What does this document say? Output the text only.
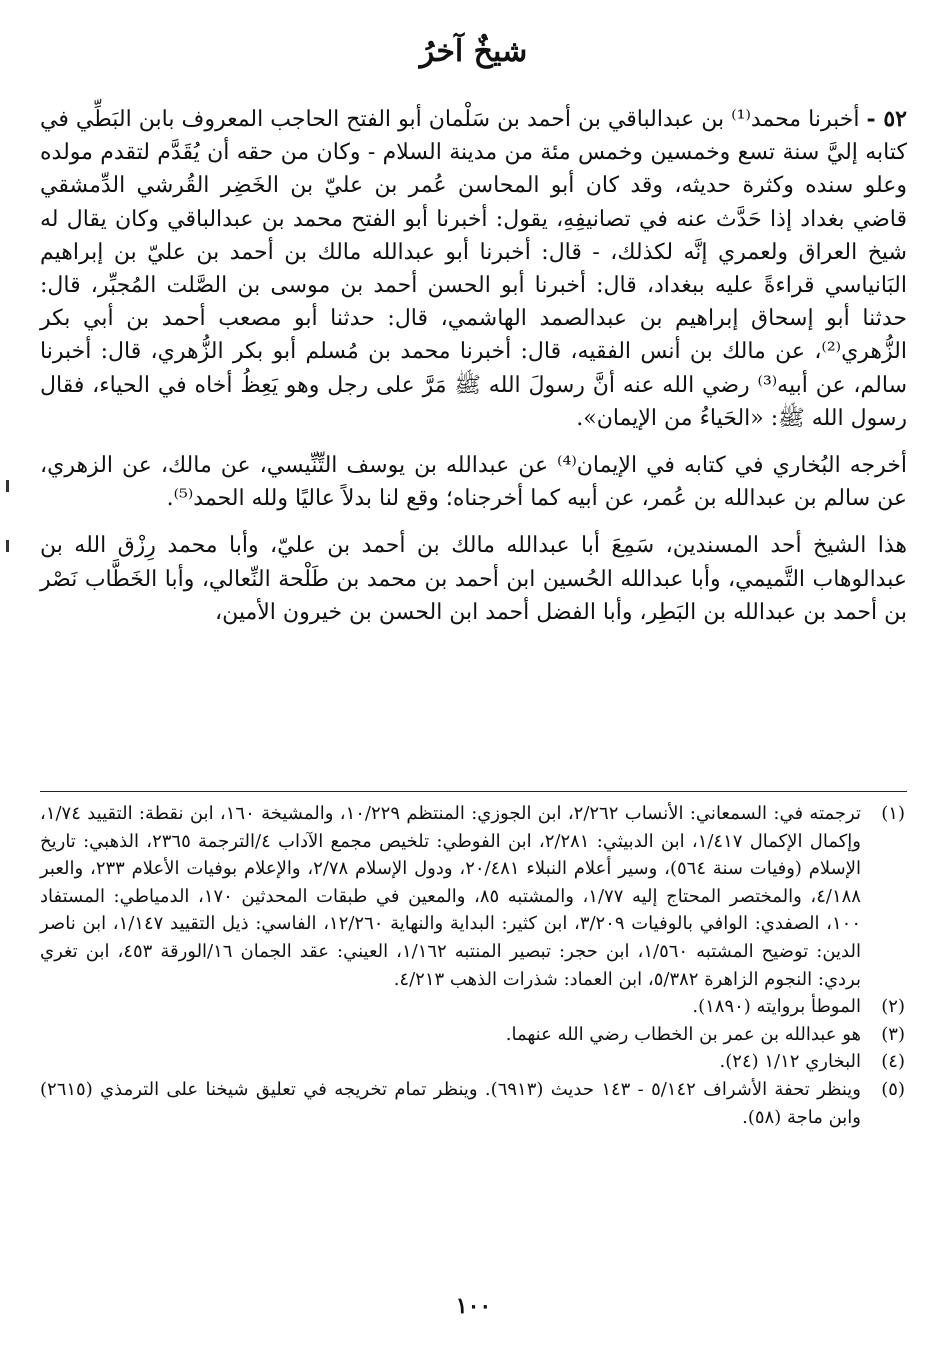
شيخٌ آخرُ

٥٢ - أخبرنا محمد⁽¹⁾ بن عبدالباقي بن أحمد بن سَلْمان أبو الفتح الحاجب المعروف بابن البَطِّي في كتابه إليَّ سنة تسع وخمسين وخمس مئة من مدينة السلام - وكان من حقه أن يُقَدَّم لتقدم مولده وعلو سنده وكثرة حديثه، وقد كان أبو المحاسن عُمر بن عليّ بن الخَضِر القُرشي الدِّمشقي قاضي بغداد إذا حَدَّث عنه في تصانيفِهِ، يقول: أخبرنا أبو الفتح محمد بن عبدالباقي وكان يقال له شيخ العراق ولعمري إنَّه لكذلك، - قال: أخبرنا أبو عبدالله مالك بن أحمد بن عليّ بن إبراهيم البَانياسي قراءةً عليه ببغداد، قال: أخبرنا أبو الحسن أحمد بن موسى بن الصَّلت المُجبِّر، قال: حدثنا أبو إسحاق إبراهيم بن عبدالصمد الهاشمي، قال: حدثنا أبو مصعب أحمد بن أبي بكر الزُّهري⁽²⁾، عن مالك بن أنس الفقيه، قال: أخبرنا محمد بن مُسلم أبو بكر الزُّهري، قال: أخبرنا سالم، عن أبيه⁽³⁾ رضي الله عنه أنَّ رسولَ الله ﷺ مَرَّ على رجل وهو يَعِظُ أخاه في الحياء، فقال رسول الله ﷺ: «الحَياءُ من الإيمان».

أخرجه البُخاري في كتابه في الإيمان⁽⁴⁾ عن عبدالله بن يوسف التِّنِّيسي، عن مالك، عن الزهري، عن سالم بن عبدالله بن عُمر، عن أبيه كما أخرجناه؛ وقع لنا بدلاً عاليًا ولله الحمد⁽⁵⁾.

هذا الشيخ أحد المسندين، سَمِعَ أبا عبدالله مالك بن أحمد بن عليّ، وأبا محمد رِزْق الله بن عبدالوهاب التَّميمي، وأبا عبدالله الحُسين ابن أحمد بن محمد بن طَلْحة النِّعالي، وأبا الخَطَّاب نَصْر بن أحمد بن عبدالله بن البَطِر، وأبا الفضل أحمد ابن الحسن بن خيرون الأمين،

(١)
ترجمته في: السمعاني: الأنساب ٢/٢٦٢، ابن الجوزي: المنتظم ١٠/٢٢٩، والمشيخة ١٦٠، ابن نقطة: التقييد ١/٧٤، وإكمال الإكمال ١/٤١٧، ابن الدبيثي: ٢/٢٨١، ابن الفوطي: تلخيص مجمع الآداب ٤/الترجمة ٢٣٦٥، الذهبي: تاريخ الإسلام (وفيات سنة ٥٦٤)، وسير أعلام النبلاء ٢٠/٤٨١، ودول الإسلام ٢/٧٨، والإعلام بوفيات الأعلام ٢٣٣، والعبر ٤/١٨٨، والمختصر المحتاج إليه ١/٧٧، والمشتبه ٨٥، والمعين في طبقات المحدثين ١٧٠، الدمياطي: المستفاد ١٠٠، الصفدي: الوافي بالوفيات ٣/٢٠٩، ابن كثير: البداية والنهاية ١٢/٢٦٠، الفاسي: ذيل التقييد ١/١٤٧، ابن ناصر الدين: توضيح المشتبه ١/٥٦٠، ابن حجر: تبصير المنتبه ١/١٦٢، العيني: عقد الجمان ١٦/الورقة ٤٥٣، ابن تغري بردي: النجوم الزاهرة ٥/٣٨٢، ابن العماد: شذرات الذهب ٤/٢١٣.
(٢)
الموطأ بروايته (١٨٩٠).
(٣)
هو عبدالله بن عمر بن الخطاب رضي الله عنهما.
(٤)
البخاري ١/١٢ (٢٤).
(٥)
وينظر تحفة الأشراف ٥/١٤٢ - ١٤٣ حديث (٦٩١٣). وينظر تمام تخريجه في تعليق شيخنا على الترمذي (٢٦١٥) وابن ماجة (٥٨).
١٠٠
